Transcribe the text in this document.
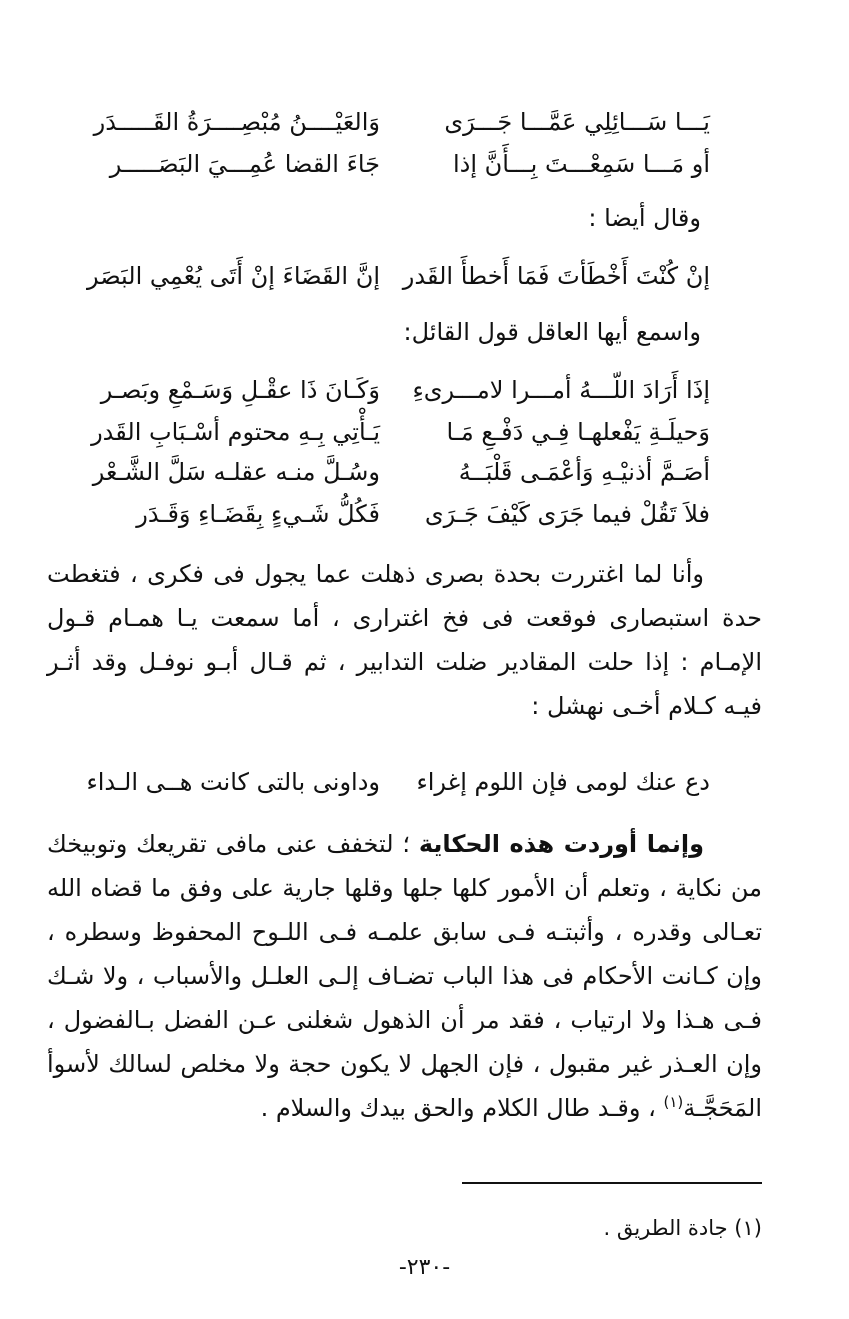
يَـــا سَـــائِلِي عَمَّـــا جَـــرَى
وَالعَيْــــنُ مُبْصِــــرَةُ القَـــــدَر
أو مَـــا سَمِعْـــتَ بِـــأَنَّ إذا
جَاءَ القضا عُمِـــيَ البَصَـــــر
وقال أيضا :
إنْ كُنْتَ أَخْطَأتَ فَمَا أَخطأَ القَدر
إنَّ القَضَاءَ إنْ أَتَى يُعْمِي البَصَر
واسمع أيها العاقل قول القائل:
إذَا أَرَادَ اللّـــهُ أمـــرا لامـــرىءِ
وَكَـانَ ذَا عقْـلِ وَسَـمْعِ وبَصـر
وَحيلَـةِ يَفْعلهـا فِـي دَفْـعِ مَـا
يَـأْتِي بِـهِ محتوم أسْـبَابِ القَدر
أصَـمَّ أذنيْـهِ وَأعْمَـى قَلْبَــهُ
وسُـلَّ منـه عقلـه سَلَّ الشَّـعْر
فلاَ تَقُلْ فيما جَرَى كَيْفَ جَـرَى
فَكُلُّ شَـيءٍ بِقَضَـاءِ وَقَـدَر
وأنا لما اغتررت بحدة بصرى ذهلت عما يجول فى فكرى ، فتغطت حدة استبصارى فوقعت فى فخ اغترارى ، أما سمعت يـا همـام قـول الإمـام : إذا حلت المقادير ضلت التدابير ، ثم قـال أبـو نوفـل وقد أثـر فيـه كـلام أخـى نهشل :
دع عنك لومى فإن اللوم إغراء
وداونى بالتى كانت هــى الـداء
وإنما أوردت هذه الحكاية ؛ لتخفف عنى مافى تقريعك وتوبيخك من نكاية ، وتعلم أن الأمور كلها جلها وقلها جارية على وفق ما قضاه الله تعـالى وقدره ، وأثبتـه فـى سابق علمـه فـى اللـوح المحفوظ وسطره ، وإن كـانت الأحكام فى هذا الباب تضـاف إلـى العلـل والأسباب ، ولا شـك فـى هـذا ولا ارتياب ، فقد مر أن الذهول شغلنى عـن الفضل بـالفضول ، وإن العـذر غير مقبول ، فإن الجهل لا يكون حجة ولا مخلص لسالك لأسوأ المَحَجَّـة$^{(١)}$ ، وقـد طال الكلام والحق بيدك والسلام .
(١) جادة الطريق .
-٢٣٠-
